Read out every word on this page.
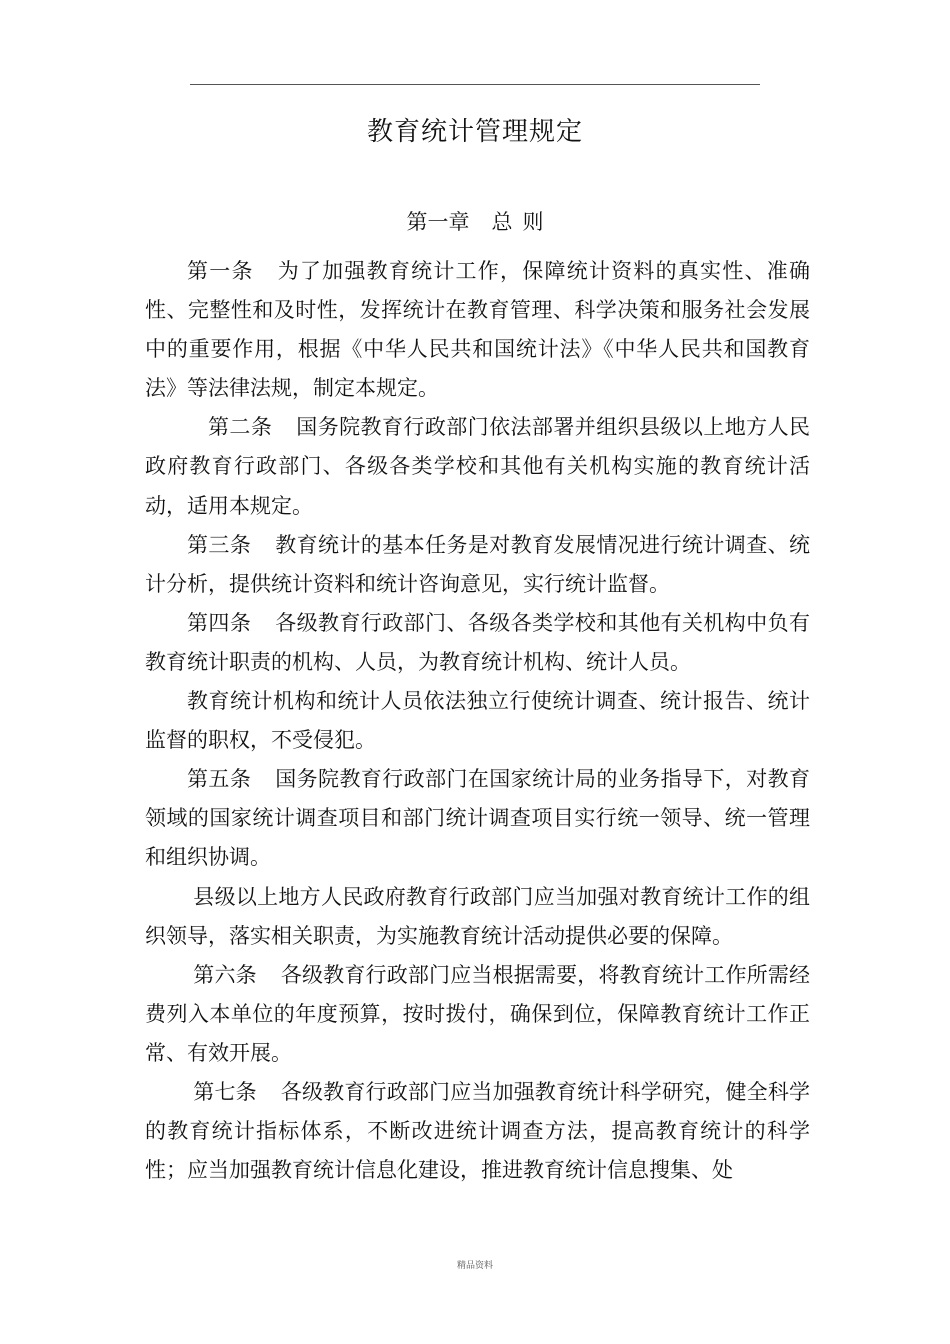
教育统计管理规定
第一章 总 则

第一条 为了加强教育统计工作，保障统计资料的真实性、准确性、完整性和及时性，发挥统计在教育管理、科学决策和服务社会发展中的重要作用，根据《中华人民共和国统计法》《中华人民共和国教育法》等法律法规，制定本规定。

第二条 国务院教育行政部门依法部署并组织县级以上地方人民政府教育行政部门、各级各类学校和其他有关机构实施的教育统计活动，适用本规定。

第三条 教育统计的基本任务是对教育发展情况进行统计调查、统计分析，提供统计资料和统计咨询意见，实行统计监督。

第四条 各级教育行政部门、各级各类学校和其他有关机构中负有教育统计职责的机构、人员，为教育统计机构、统计人员。

教育统计机构和统计人员依法独立行使统计调查、统计报告、统计监督的职权，不受侵犯。

第五条 国务院教育行政部门在国家统计局的业务指导下，对教育领域的国家统计调查项目和部门统计调查项目实行统一领导、统一管理和组织协调。

县级以上地方人民政府教育行政部门应当加强对教育统计工作的组织领导，落实相关职责，为实施教育统计活动提供必要的保障。

第六条 各级教育行政部门应当根据需要，将教育统计工作所需经费列入本单位的年度预算，按时拨付，确保到位，保障教育统计工作正常、有效开展。

第七条 各级教育行政部门应当加强教育统计科学研究，健全科学的教育统计指标体系，不断改进统计调查方法，提高教育统计的科学性；应当加强教育统计信息化建设，推进教育统计信息搜集、处

精品资料
